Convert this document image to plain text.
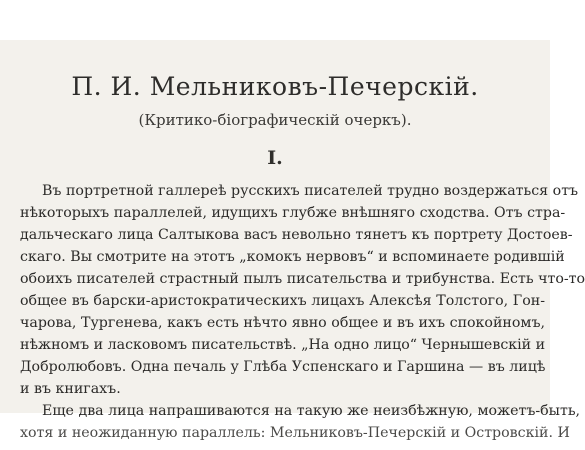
П. И. Мельниковъ-Печерскій.
(Критико-біографическій очеркъ).
I.
Въ портретной галлереѣ русскихъ писателей трудно воздержаться отъ
нѣкоторыхъ параллелей, идущихъ глубже внѣшняго сходства. Отъ стра-
дальческаго лица Салтыкова васъ невольно тянетъ къ портрету Достоев-
скаго. Вы смотрите на этотъ „комокъ нервовъ“ и вспоминаете родившій
обоихъ писателей страстный пылъ писательства и трибунства. Есть что-то
общее въ барски-аристократическихъ лицахъ Алексѣя Толстого, Гон-
чарова, Тургенева, какъ есть нѣчто явно общее и въ ихъ спокойномъ,
нѣжномъ и ласковомъ писательствѣ. „На одно лицо“ Чернышевскій и
Добролюбовъ. Одна печаль у Глѣба Успенскаго и Гаршина — въ лицѣ
и въ книгахъ.
Еще два лица напрашиваются на такую же неизбѣжную, можетъ-быть,
хотя и неожиданную параллель: Мельниковъ-Печерскій и Островскій. И
